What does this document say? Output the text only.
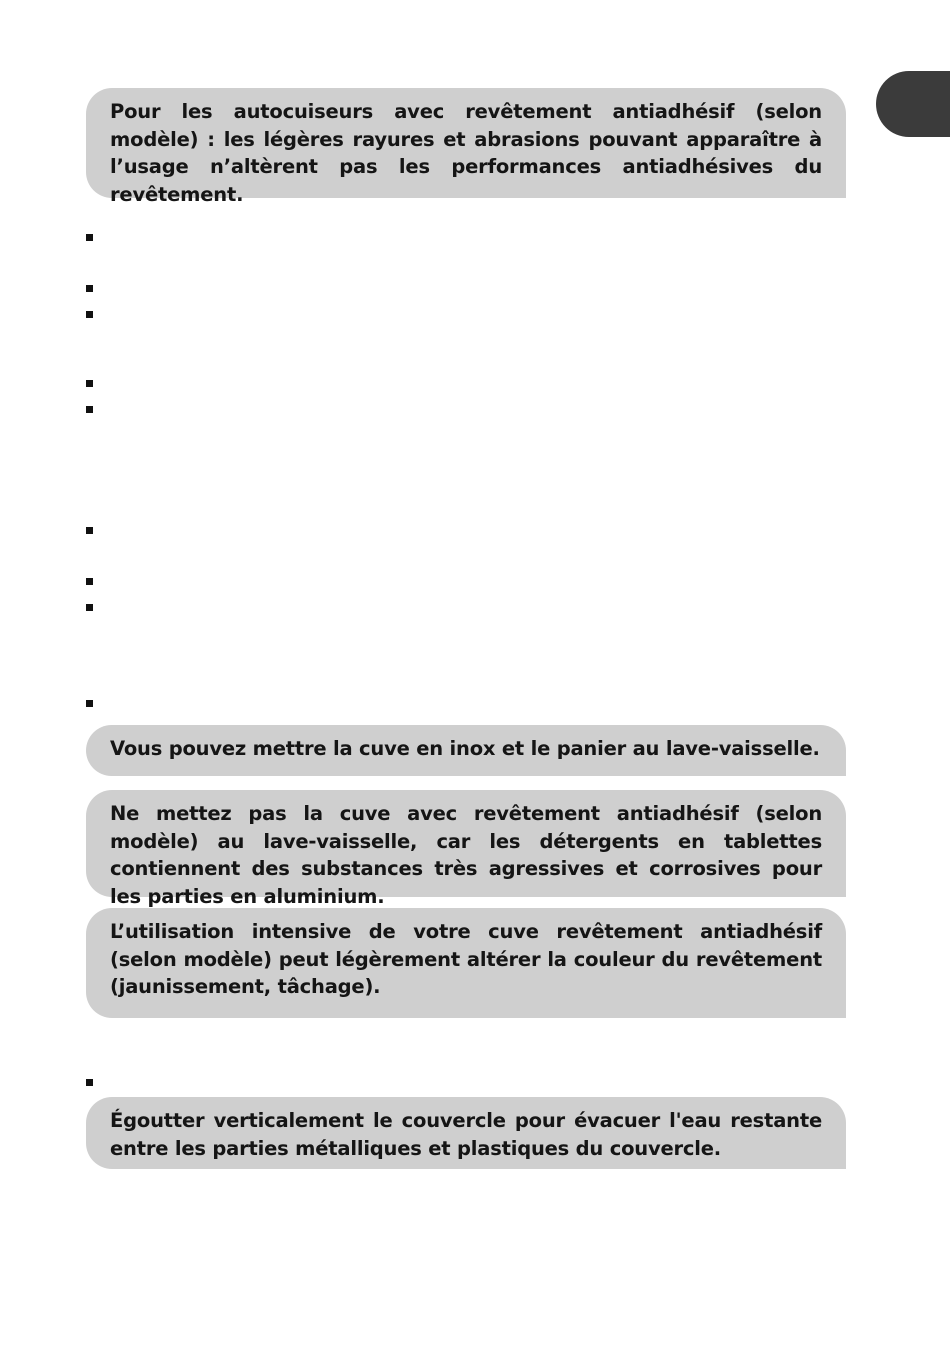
Pour les autocuiseurs avec revêtement antiadhésif (selon modèle) : les légères rayures et abrasions pouvant apparaître à l’usage n’altèrent pas les performances antiadhésives du revêtement.

Vous pouvez mettre la cuve en inox et le panier au lave-vaisselle.

Ne mettez pas la cuve avec revêtement antiadhésif (selon modèle) au lave-vaisselle, car les détergents en tablettes contiennent des substances très agressives et corrosives pour les parties en aluminium.

L’utilisation intensive de votre cuve revêtement antiadhésif (selon modèle) peut légèrement altérer la couleur du revêtement (jaunissement, tâchage).

Égoutter verticalement le couvercle pour évacuer l'eau restante entre les parties métalliques et plastiques du couvercle.
